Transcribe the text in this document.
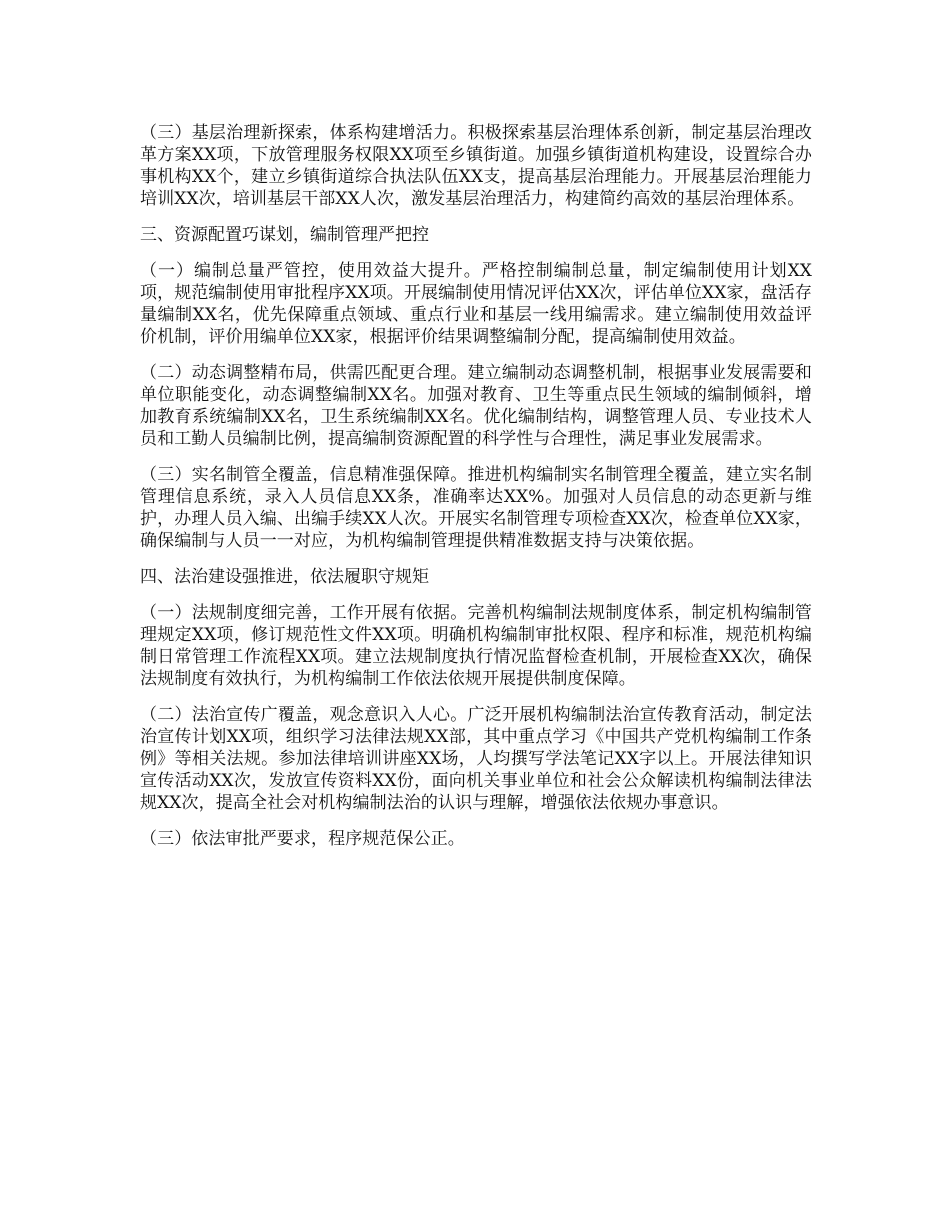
（三）基层治理新探索，体系构建增活力。积极探索基层治理体系创新，制定基层治理改革方案XX项，下放管理服务权限XX项至乡镇街道。加强乡镇街道机构建设，设置综合办事机构XX个，建立乡镇街道综合执法队伍XX支，提高基层治理能力。开展基层治理能力培训XX次，培训基层干部XX人次，激发基层治理活力，构建简约高效的基层治理体系。

三、资源配置巧谋划，编制管理严把控

（一）编制总量严管控，使用效益大提升。严格控制编制总量，制定编制使用计划XX项，规范编制使用审批程序XX项。开展编制使用情况评估XX次，评估单位XX家，盘活存量编制XX名，优先保障重点领域、重点行业和基层一线用编需求。建立编制使用效益评价机制，评价用编单位XX家，根据评价结果调整编制分配，提高编制使用效益。

（二）动态调整精布局，供需匹配更合理。建立编制动态调整机制，根据事业发展需要和单位职能变化，动态调整编制XX名。加强对教育、卫生等重点民生领域的编制倾斜，增加教育系统编制XX名，卫生系统编制XX名。优化编制结构，调整管理人员、专业技术人员和工勤人员编制比例，提高编制资源配置的科学性与合理性，满足事业发展需求。

（三）实名制管全覆盖，信息精准强保障。推进机构编制实名制管理全覆盖，建立实名制管理信息系统，录入人员信息XX条，准确率达XX%。加强对人员信息的动态更新与维护，办理人员入编、出编手续XX人次。开展实名制管理专项检查XX次，检查单位XX家，确保编制与人员一一对应，为机构编制管理提供精准数据支持与决策依据。

四、法治建设强推进，依法履职守规矩

（一）法规制度细完善，工作开展有依据。完善机构编制法规制度体系，制定机构编制管理规定XX项，修订规范性文件XX项。明确机构编制审批权限、程序和标准，规范机构编制日常管理工作流程XX项。建立法规制度执行情况监督检查机制，开展检查XX次，确保法规制度有效执行，为机构编制工作依法依规开展提供制度保障。

（二）法治宣传广覆盖，观念意识入人心。广泛开展机构编制法治宣传教育活动，制定法治宣传计划XX项，组织学习法律法规XX部，其中重点学习《中国共产党机构编制工作条例》等相关法规。参加法律培训讲座XX场，人均撰写学法笔记XX字以上。开展法律知识宣传活动XX次，发放宣传资料XX份，面向机关事业单位和社会公众解读机构编制法律法规XX次，提高全社会对机构编制法治的认识与理解，增强依法依规办事意识。

（三）依法审批严要求，程序规范保公正。
